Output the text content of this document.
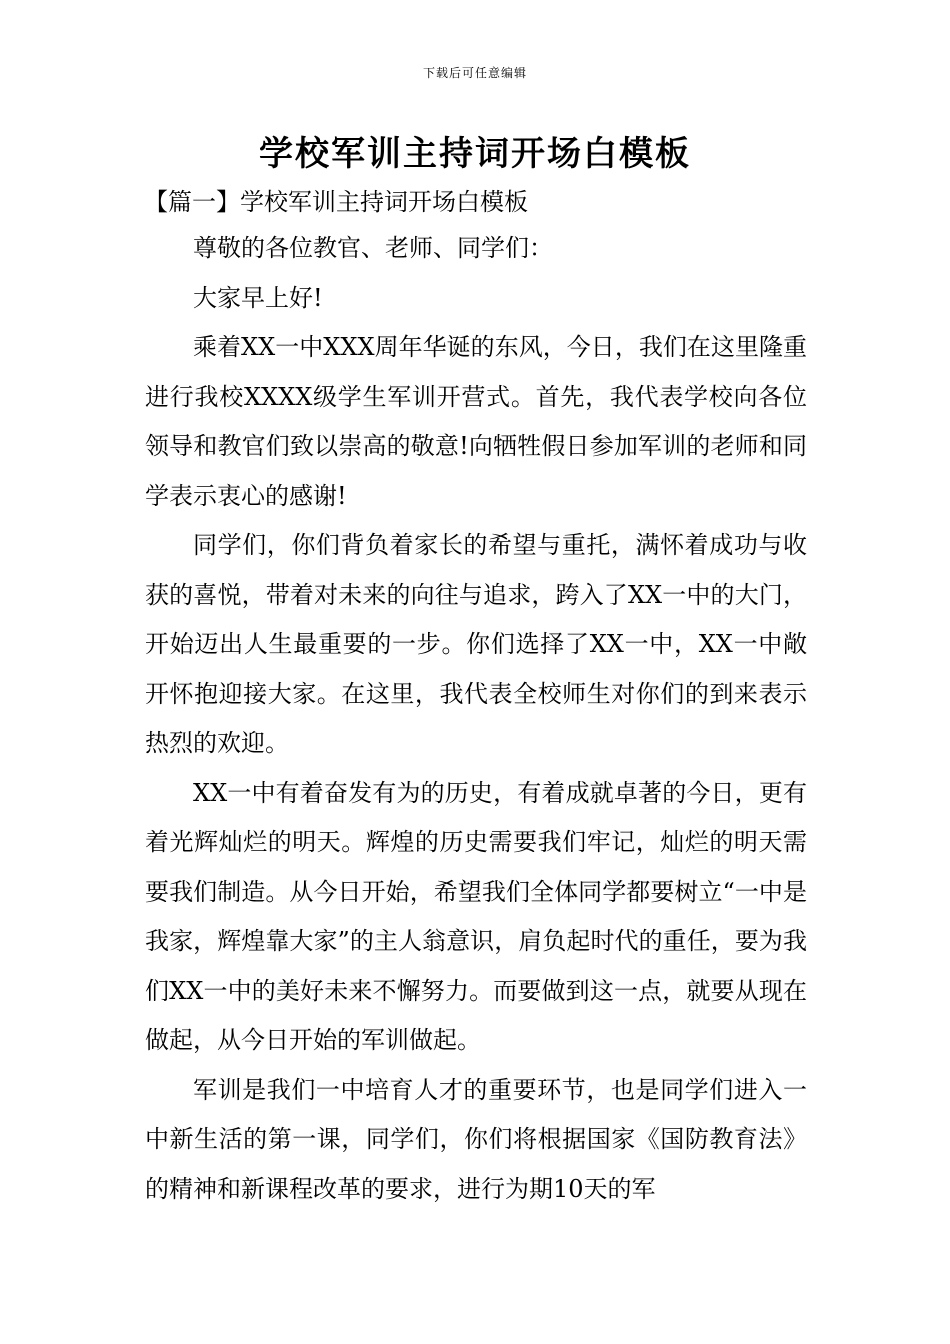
下载后可任意编辑
学校军训主持词开场白模板
【篇一】学校军训主持词开场白模板

尊敬的各位教官、老师、同学们：

大家早上好!

乘着XX一中XXX周年华诞的东风，今日，我们在这里隆重进行我校XXXX级学生军训开营式。首先，我代表学校向各位领导和教官们致以崇高的敬意!向牺牲假日参加军训的老师和同学表示衷心的感谢!

同学们，你们背负着家长的希望与重托，满怀着成功与收获的喜悦，带着对未来的向往与追求，跨入了XX一中的大门，开始迈出人生最重要的一步。你们选择了XX一中，XX一中敞开怀抱迎接大家。在这里，我代表全校师生对你们的到来表示热烈的欢迎。

XX一中有着奋发有为的历史，有着成就卓著的今日，更有着光辉灿烂的明天。辉煌的历史需要我们牢记，灿烂的明天需要我们制造。从今日开始，希望我们全体同学都要树立“一中是我家，辉煌靠大家”的主人翁意识，肩负起时代的重任，要为我们XX一中的美好未来不懈努力。而要做到这一点，就要从现在做起，从今日开始的军训做起。

军训是我们一中培育人才的重要环节，也是同学们进入一中新生活的第一课，同学们，你们将根据国家《国防教育法》的精神和新课程改革的要求，进行为期10天的军
